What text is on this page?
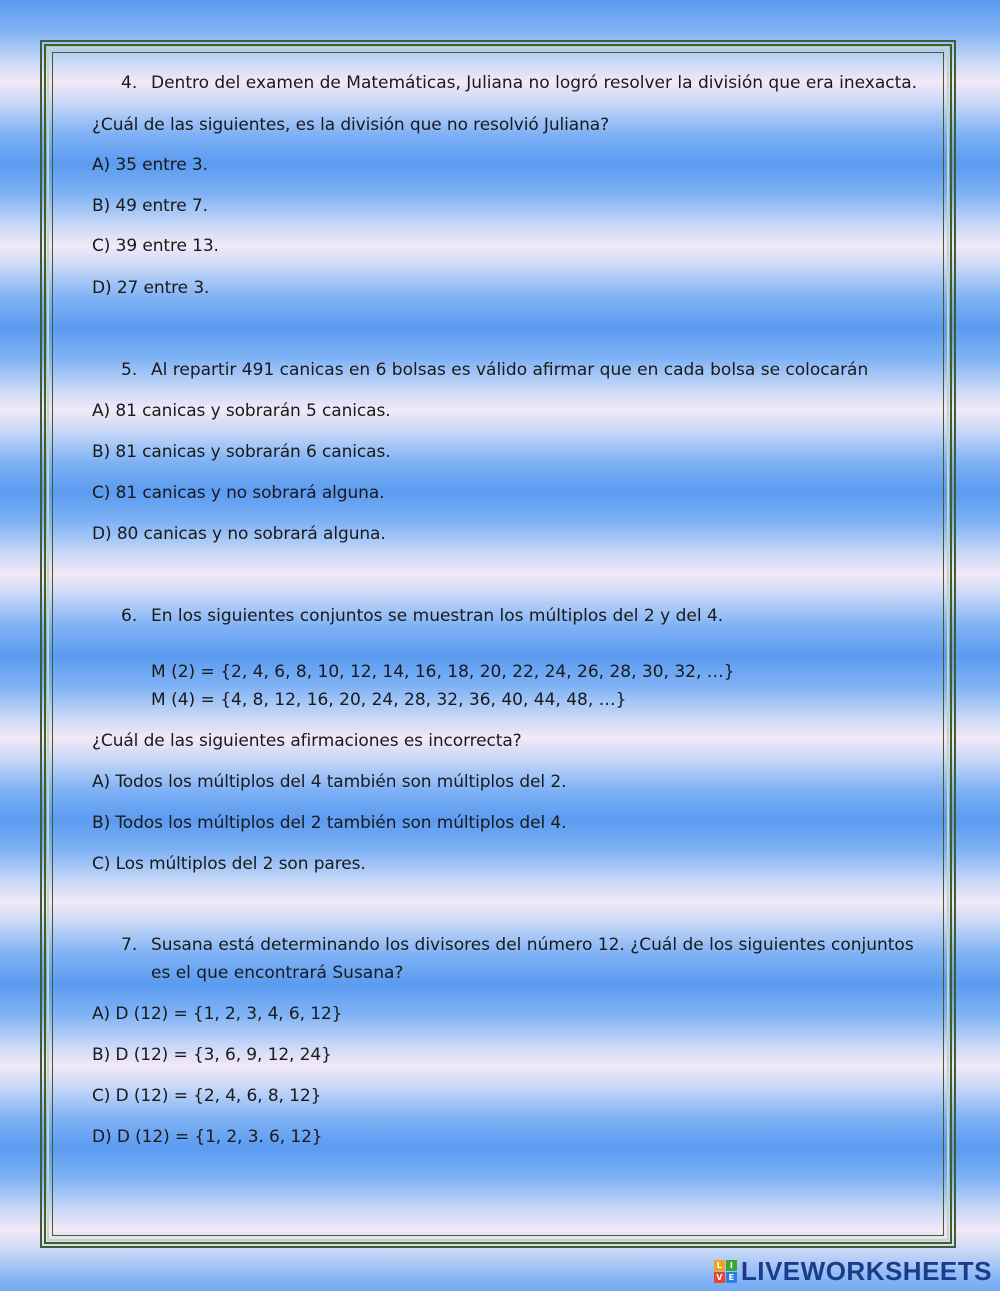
4. Dentro del examen de Matemáticas, Juliana no logró resolver la división que era inexacta.
¿Cuál de las siguientes, es la división que no resolvió Juliana?
A) 35 entre 3.
B) 49 entre 7.
C) 39 entre 13.
D) 27 entre 3.
5. Al repartir 491 canicas en 6 bolsas es válido afirmar que en cada bolsa se colocarán
A) 81 canicas y sobrarán 5 canicas.
B) 81 canicas y sobrarán 6 canicas.
C) 81 canicas y no sobrará alguna.
D) 80 canicas y no sobrará alguna.
6. En los siguientes conjuntos se muestran los múltiplos del 2 y del 4.
M (2) = {2, 4, 6, 8, 10, 12, 14, 16, 18, 20, 22, 24, 26, 28, 30, 32, …}
M (4) = {4, 8, 12, 16, 20, 24, 28, 32, 36, 40, 44, 48, …}
¿Cuál de las siguientes afirmaciones es incorrecta?
A) Todos los múltiplos del 4 también son múltiplos del 2.
B) Todos los múltiplos del 2 también son múltiplos del 4.
C) Los múltiplos del 2 son pares.
7. Susana está determinando los divisores del número 12. ¿Cuál de los siguientes conjuntos es el que encontrará Susana?
A) D (12) = {1, 2, 3, 4, 6, 12}
B) D (12) = {3, 6, 9, 12, 24}
C) D (12) = {2, 4, 6, 8, 12}
D) D (12) = {1, 2, 3. 6, 12}
L I
V E LIVEWORKSHEETS
